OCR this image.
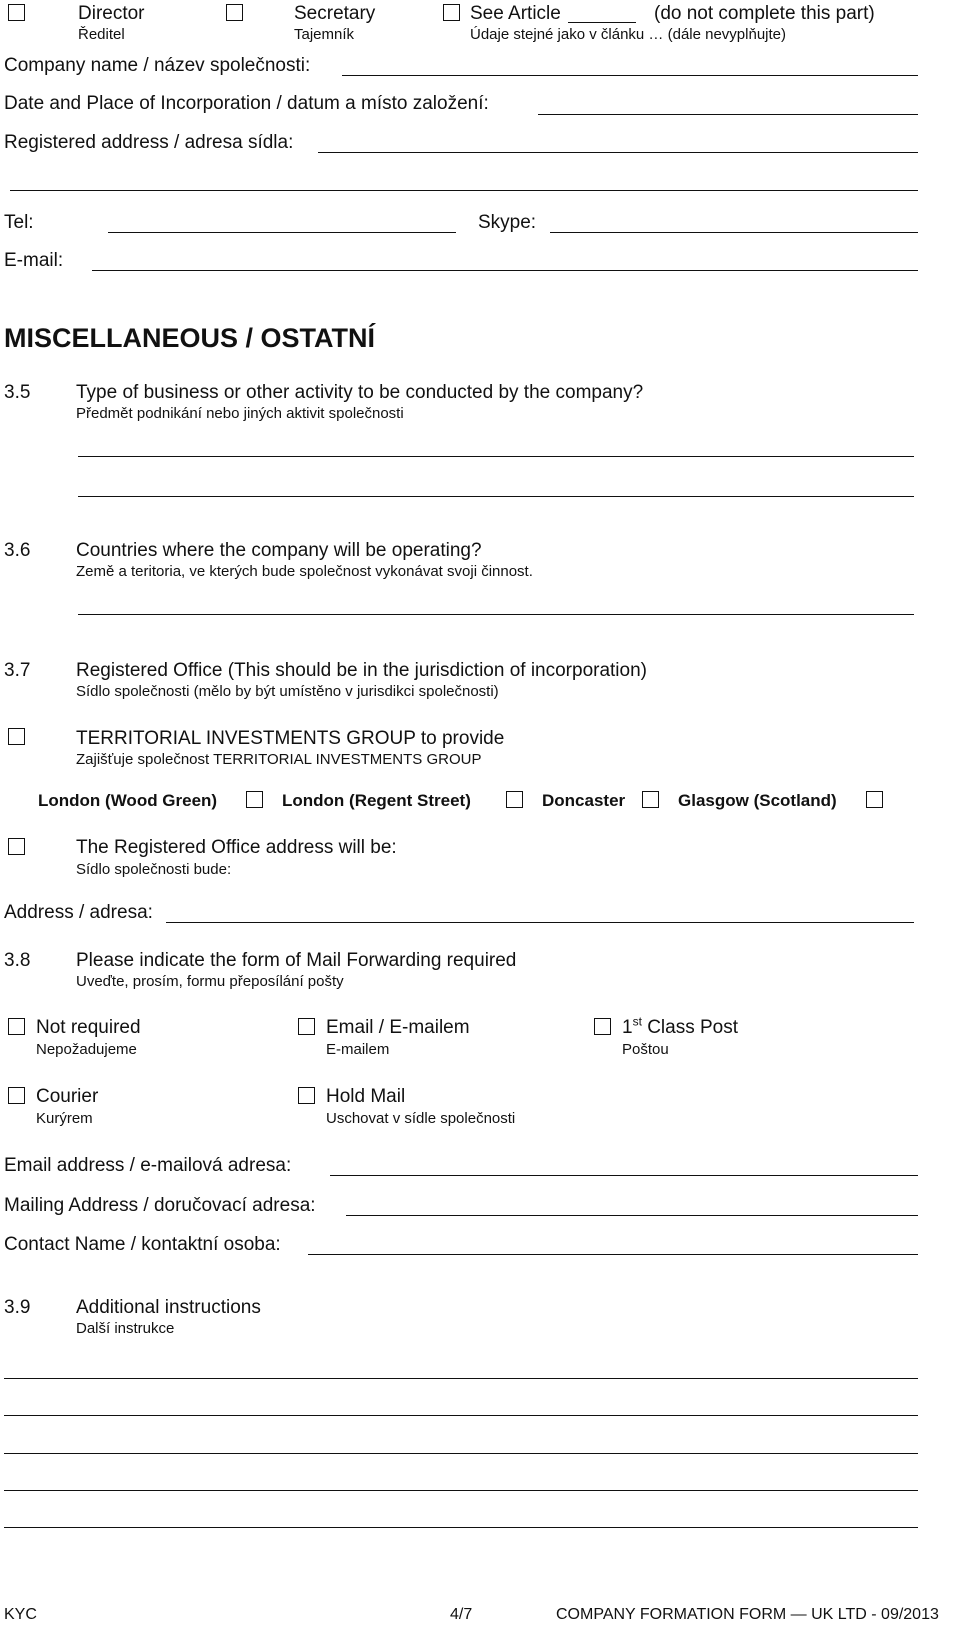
Director
Ředitel
Secretary
Tajemník
See Article	(do not complete this part)
Údaje stejné jako v článku … (dále nevyplňujte)
Company name / název společnosti:
Date and Place of Incorporation / datum a místo založení:
Registered address / adresa sídla:
Tel:	Skype:
E-mail:
MISCELLANEOUS / OSTATNÍ
3.5 Type of business or other activity to be conducted by the company?
Předmět podnikání nebo jiných aktivit společnosti
3.6 Countries where the company will be operating?
Země a teritoria, ve kterých bude společnost vykonávat svoji činnost.
3.7 Registered Office (This should be in the jurisdiction of incorporation)
Sídlo společnosti (mělo by být umístěno v jurisdikci společnosti)
TERRITORIAL INVESTMENTS GROUP to provide
Zajišťuje společnost TERRITORIAL INVESTMENTS GROUP
London (Wood Green)	London (Regent Street)	Doncaster	Glasgow (Scotland)
The Registered Office address will be:
Sídlo společnosti bude:
Address / adresa:
3.8 Please indicate the form of Mail Forwarding required
Uveďte, prosím, formu přeposílání pošty
Not required
Nepožadujeme
Email / E-mailem
E-mailem
1st Class Post
Poštou
Courier
Kurýrem
Hold Mail
Uschovat v sídle společnosti
Email address / e-mailová adresa:
Mailing Address / doručovací adresa:
Contact Name / kontaktní osoba:
3.9 Additional instructions
Další instrukce
KYC	4/7	COMPANY FORMATION FORM — UK LTD - 09/2013
